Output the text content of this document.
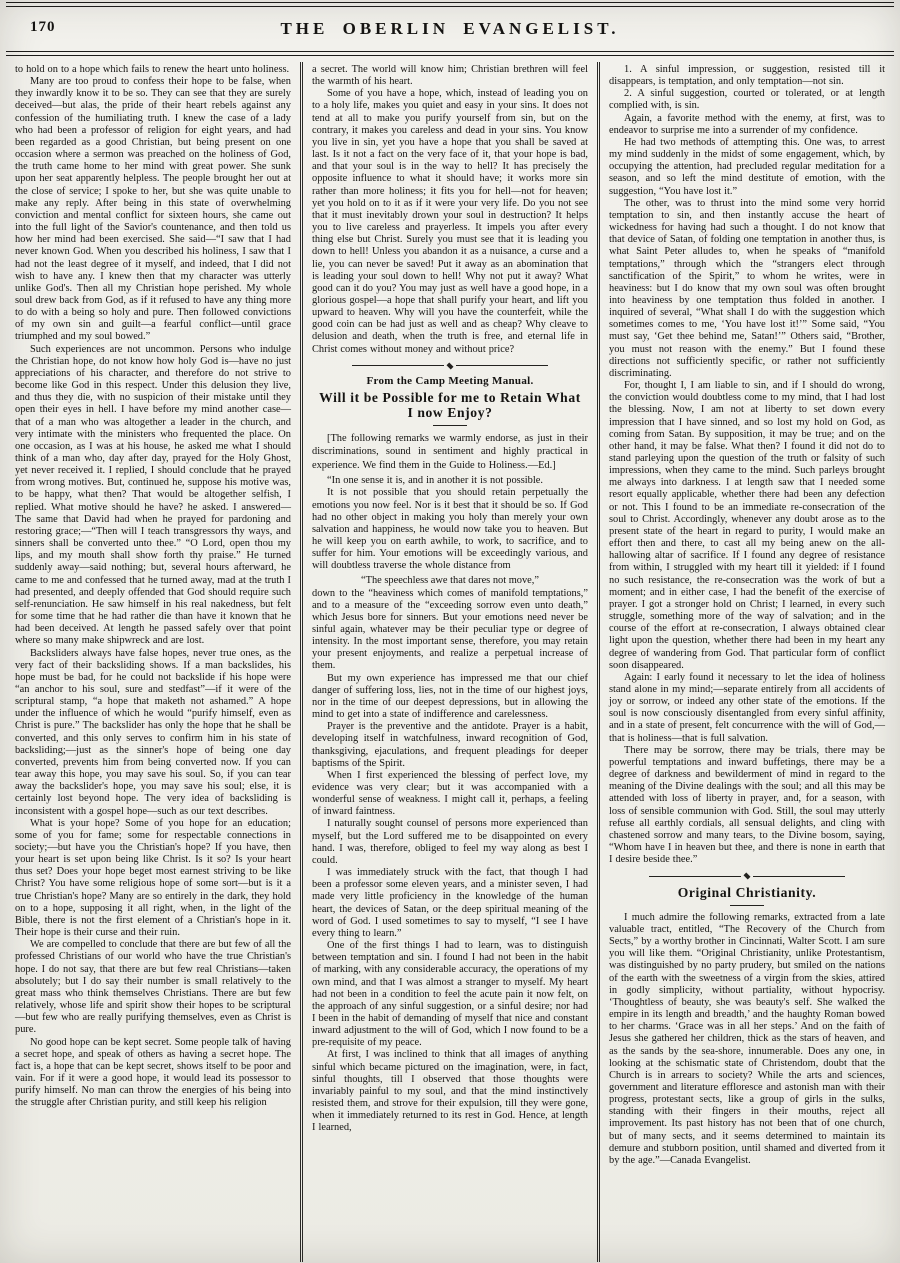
170	THE OBERLIN EVANGELIST.

to hold on to a hope which fails to renew the heart unto holiness.

Many are too proud to confess their hope to be false, when they inwardly know it to be so. They can see that they are surely deceived—but alas, the pride of their heart rebels against any confession of the humiliating truth. I knew the case of a lady who had been a professor of religion for eight years, and had been regarded as a good Christian, but being present on one occasion where a sermon was preached on the holiness of God, the truth came home to her mind with great power. She sunk upon her seat apparently helpless. The people brought her out at the close of service; I spoke to her, but she was quite unable to make any reply. After being in this state of overwhelming conviction and mental conflict for sixteen hours, she came out into the full light of the Savior's countenance, and then told us how her mind had been exercised. She said—“I saw that I had never known God. When you described his holiness, I saw that I had not the least degree of it myself, and indeed, that I did not wish to have any. I knew then that my character was utterly unlike God's. Then all my Christian hope perished. My whole soul drew back from God, as if it refused to have any thing more to do with a being so holy and pure. Then followed convictions of my own sin and guilt—a fearful conflict—until grace triumphed and my soul bowed.”

Such experiences are not uncommon. Persons who indulge the Christian hope, do not know how holy God is—have no just appreciations of his character, and therefore do not strive to become like God in this respect. Under this delusion they live, and thus they die, with no suspicion of their mistake until they open their eyes in hell. I have before my mind another case—that of a man who was altogether a leader in the church, and very intimate with the ministers who frequented the place. On one occasion, as I was at his house, he asked me what I should think of a man who, day after day, prayed for the Holy Ghost, yet never received it. I replied, I should conclude that he prayed from wrong motives. But, continued he, suppose his motive was, to be happy, what then? That would be altogether selfish, I replied. What motive should he have? he asked. I answered—The same that David had when he prayed for pardoning and restoring grace;—“Then will I teach transgressors thy ways, and sinners shall be converted unto thee.” “O Lord, open thou my lips, and my mouth shall show forth thy praise.” He turned suddenly away—said nothing; but, several hours afterward, he came to me and confessed that he turned away, mad at the truth I had presented, and deeply offended that God should require such self-renunciation. He saw himself in his real nakedness, but felt for some time that he had rather die than have it known that he had been deceived. At length he passed safely over that point where so many make shipwreck and are lost.

Backsliders always have false hopes, never true ones, as the very fact of their backsliding shows. If a man backslides, his hope must be bad, for he could not backslide if his hope were “an anchor to his soul, sure and stedfast”—if it were of the scriptural stamp, “a hope that maketh not ashamed.” A hope under the influence of which he would “purify himself, even as Christ is pure.” The backslider has only the hope that he shall be converted, and this only serves to confirm him in his state of backsliding;—just as the sinner's hope of being one day converted, prevents him from being converted now. If you can tear away this hope, you may save his soul. So, if you can tear away the backslider's hope, you may save his soul; else, it is certainly lost beyond hope. The very idea of backsliding is inconsistent with a gospel hope—such as our text describes.

What is your hope? Some of you hope for an education; some of you for fame; some for respectable connections in society;—but have you the Christian's hope? If you have, then your heart is set upon being like Christ. Is it so? Is your heart thus set? Does your hope beget most earnest striving to be like Christ? You have some religious hope of some sort—but is it a true Christian's hope? Many are so entirely in the dark, they hold on to a hope, supposing it all right, when, in the light of the Bible, there is not the first element of a Christian's hope in it. Their hope is their curse and their ruin.

We are compelled to conclude that there are but few of all the professed Christians of our world who have the true Christian's hope. I do not say, that there are but few real Christians—taken absolutely; but I do say their number is small relatively to the great mass who think themselves Christians. There are but few relatively, whose life and spirit show their hopes to be scriptural—but few who are really purifying themselves, even as Christ is pure.

No good hope can be kept secret. Some people talk of having a secret hope, and speak of others as having a secret hope. The fact is, a hope that can be kept secret, shows itself to be poor and vain. For if it were a good hope, it would lead its possessor to purify himself. No man can throw the energies of his being into the struggle after Christian purity, and still keep his religion

a secret. The world will know him; Christian brethren will feel the warmth of his heart.

Some of you have a hope, which, instead of leading you on to a holy life, makes you quiet and easy in your sins. It does not tend at all to make you purify yourself from sin, but on the contrary, it makes you careless and dead in your sins. You know you live in sin, yet you have a hope that you shall be saved at last. Is it not a fact on the very face of it, that your hope is bad, and that your soul is in the way to hell? It has precisely the opposite influence to what it should have; it works more sin rather than more holiness; it fits you for hell—not for heaven; yet you hold on to it as if it were your very life. Do you not see that it must inevitably drown your soul in destruction? It helps you to live careless and prayerless. It impels you after every thing else but Christ. Surely you must see that it is leading you down to hell! Unless you abandon it as a nuisance, a curse and a lie, you can never be saved! Put it away as an abomination that is leading your soul down to hell! Why not put it away? What good can it do you? You may just as well have a good hope, in a glorious gospel—a hope that shall purify your heart, and lift you upward to heaven. Why will you have the counterfeit, while the good coin can be had just as well and as cheap? Why cleave to delusion and death, when the truth is free, and eternal life in Christ comes without money and without price?

From the Camp Meeting Manual.
Will it be Possible for me to Retain What I now Enjoy?

[The following remarks we warmly endorse, as just in their discriminations, sound in sentiment and highly practical in experience. We find them in the Guide to Holiness.—Ed.]

“In one sense it is, and in another it is not possible.

It is not possible that you should retain perpetually the emotions you now feel. Nor is it best that it should be so. If God had no other object in making you holy than merely your own salvation and happiness, he would now take you to heaven. But he will keep you on earth awhile, to work, to sacrifice, and to suffer for him. Your emotions will be exceedingly various, and will doubtless traverse the whole distance from

“The speechless awe that dares not move,”

down to the “heaviness which comes of manifold temptations,” and to a measure of the “exceeding sorrow even unto death,” which Jesus bore for sinners. But your emotions need never be sinful again, whatever may be their peculiar type or degree of intensity. In the most important sense, therefore, you may retain your present enjoyments, and realize a perpetual increase of them.

But my own experience has impressed me that our chief danger of suffering loss, lies, not in the time of our highest joys, nor in the time of our deepest depressions, but in allowing the mind to get into a state of indifference and carelessness.

Prayer is the preventive and the antidote. Prayer is a habit, developing itself in watchfulness, inward recognition of God, thanksgiving, ejaculations, and frequent pleadings for deeper baptisms of the Spirit.

When I first experienced the blessing of perfect love, my evidence was very clear; but it was accompanied with a wonderful sense of weakness. I might call it, perhaps, a feeling of inward faintness.

I naturally sought counsel of persons more experienced than myself, but the Lord suffered me to be disappointed on every hand. I was, therefore, obliged to feel my way along as best I could.

I was immediately struck with the fact, that though I had been a professor some eleven years, and a minister seven, I had made very little proficiency in the knowledge of the human heart, the devices of Satan, or the deep spiritual meaning of the word of God. I used sometimes to say to myself, “I see I have every thing to learn.”

One of the first things I had to learn, was to distinguish between temptation and sin. I found I had not been in the habit of marking, with any considerable accuracy, the operations of my own mind, and that I was almost a stranger to myself. My heart had not been in a condition to feel the acute pain it now felt, on the approach of any sinful suggestion, or a sinful desire; nor had I been in the habit of demanding of myself that nice and constant inward adjustment to the will of God, which I now found to be a pre-requisite of my peace.

At first, I was inclined to think that all images of anything sinful which became pictured on the imagination, were, in fact, sinful thoughts, till I observed that those thoughts were invariably painful to my soul, and that the mind instinctively resisted them, and strove for their expulsion, till they were gone, when it immediately returned to its rest in God. Hence, at length I learned,

1. A sinful impression, or suggestion, resisted till it disappears, is temptation, and only temptation—not sin.

2. A sinful suggestion, courted or tolerated, or at length complied with, is sin.

Again, a favorite method with the enemy, at first, was to endeavor to surprise me into a surrender of my confidence.

He had two methods of attempting this. One was, to arrest my mind suddenly in the midst of some engagement, which, by occupying the attention, had precluded regular meditation for a season, and so left the mind destitute of emotion, with the suggestion, “You have lost it.”

The other, was to thrust into the mind some very horrid temptation to sin, and then instantly accuse the heart of wickedness for having had such a thought. I do not know that that device of Satan, of folding one temptation in another thus, is what Saint Peter alludes to, when he speaks of “manifold temptations,” through which the “strangers elect through sanctification of the Spirit,” to whom he writes, were in heaviness: but I do know that my own soul was often brought into heaviness by one temptation thus folded in another. I inquired of several, “What shall I do with the suggestion which sometimes comes to me, ‘You have lost it!’” Some said, “You must say, ‘Get thee behind me, Satan!’” Others said, “Brother, you must not reason with the enemy.” But I found these directions not sufficiently specific, or rather not sufficiently discriminating.

For, thought I, I am liable to sin, and if I should do wrong, the conviction would doubtless come to my mind, that I had lost the blessing. Now, I am not at liberty to set down every impression that I have sinned, and so lost my hold on God, as coming from Satan. By supposition, it may be true; and on the other hand, it may be false. What then? I found it did not do to stand parleying upon the question of the truth or falsity of such impressions, when they came to the mind. Such parleys brought me always into darkness. I at length saw that I needed some resort equally applicable, whether there had been any defection or not. This I found to be an immediate re-consecration of the soul to Christ. Accordingly, whenever any doubt arose as to the present state of the heart in regard to purity, I would make an effort then and there, to cast all my being anew on the all-hallowing altar of sacrifice. If I found any degree of resistance from within, I struggled with my heart till it yielded: if I found no such resistance, the re-consecration was the work of but a moment; and in either case, I had the benefit of the exercise of prayer. I got a stronger hold on Christ; I learned, in every such struggle, something more of the way of salvation; and in the course of the effort at re-consecration, I always obtained clear light upon the question, whether there had been in my heart any degree of wandering from God. That particular form of conflict soon disappeared.

Again: I early found it necessary to let the idea of holiness stand alone in my mind;—separate entirely from all accidents of joy or sorrow, or indeed any other state of the emotions. If the soul is now consciously disentangled from every sinful affinity, and in a state of present, felt concurrence with the will of God,—that is holiness—that is full salvation.

There may be sorrow, there may be trials, there may be powerful temptations and inward buffetings, there may be a degree of darkness and bewilderment of mind in regard to the meaning of the Divine dealings with the soul; and all this may be attended with loss of liberty in prayer, and, for a season, with loss of sensible communion with God. Still, the soul may utterly refuse all earthly cordials, all sensual delights, and cling with chastened sorrow and many tears, to the Divine bosom, saying, “Whom have I in heaven but thee, and there is none in earth that I desire beside thee.”

Original Christianity.

I much admire the following remarks, extracted from a late valuable tract, entitled, “The Recovery of the Church from Sects,” by a worthy brother in Cincinnati, Walter Scott. I am sure you will like them. “Original Christianity, unlike Protestantism, was distinguished by no party prudery, but smiled on the nations of the earth with the sweetness of a virgin from the skies, attired in godly simplicity, without partiality, without hypocrisy. ‘Thoughtless of beauty, she was beauty's self. She walked the empire in its length and breadth,’ and the haughty Roman bowed to her charms. ‘Grace was in all her steps.’ And on the faith of Jesus she gathered her children, thick as the stars of heaven, and as the sands by the sea-shore, innumerable. Does any one, in looking at the schismatic state of Christendom, doubt that the Church is in arrears to society? While the arts and sciences, government and literature effloresce and astonish man with their progress, protestant sects, like a group of girls in the sulks, standing with their fingers in their mouths, reject all improvement. Its past history has not been that of one church, but of many sects, and it seems determined to maintain its demure and stubborn position, until shamed and diverted from it by the age.”—Canada Evangelist.
